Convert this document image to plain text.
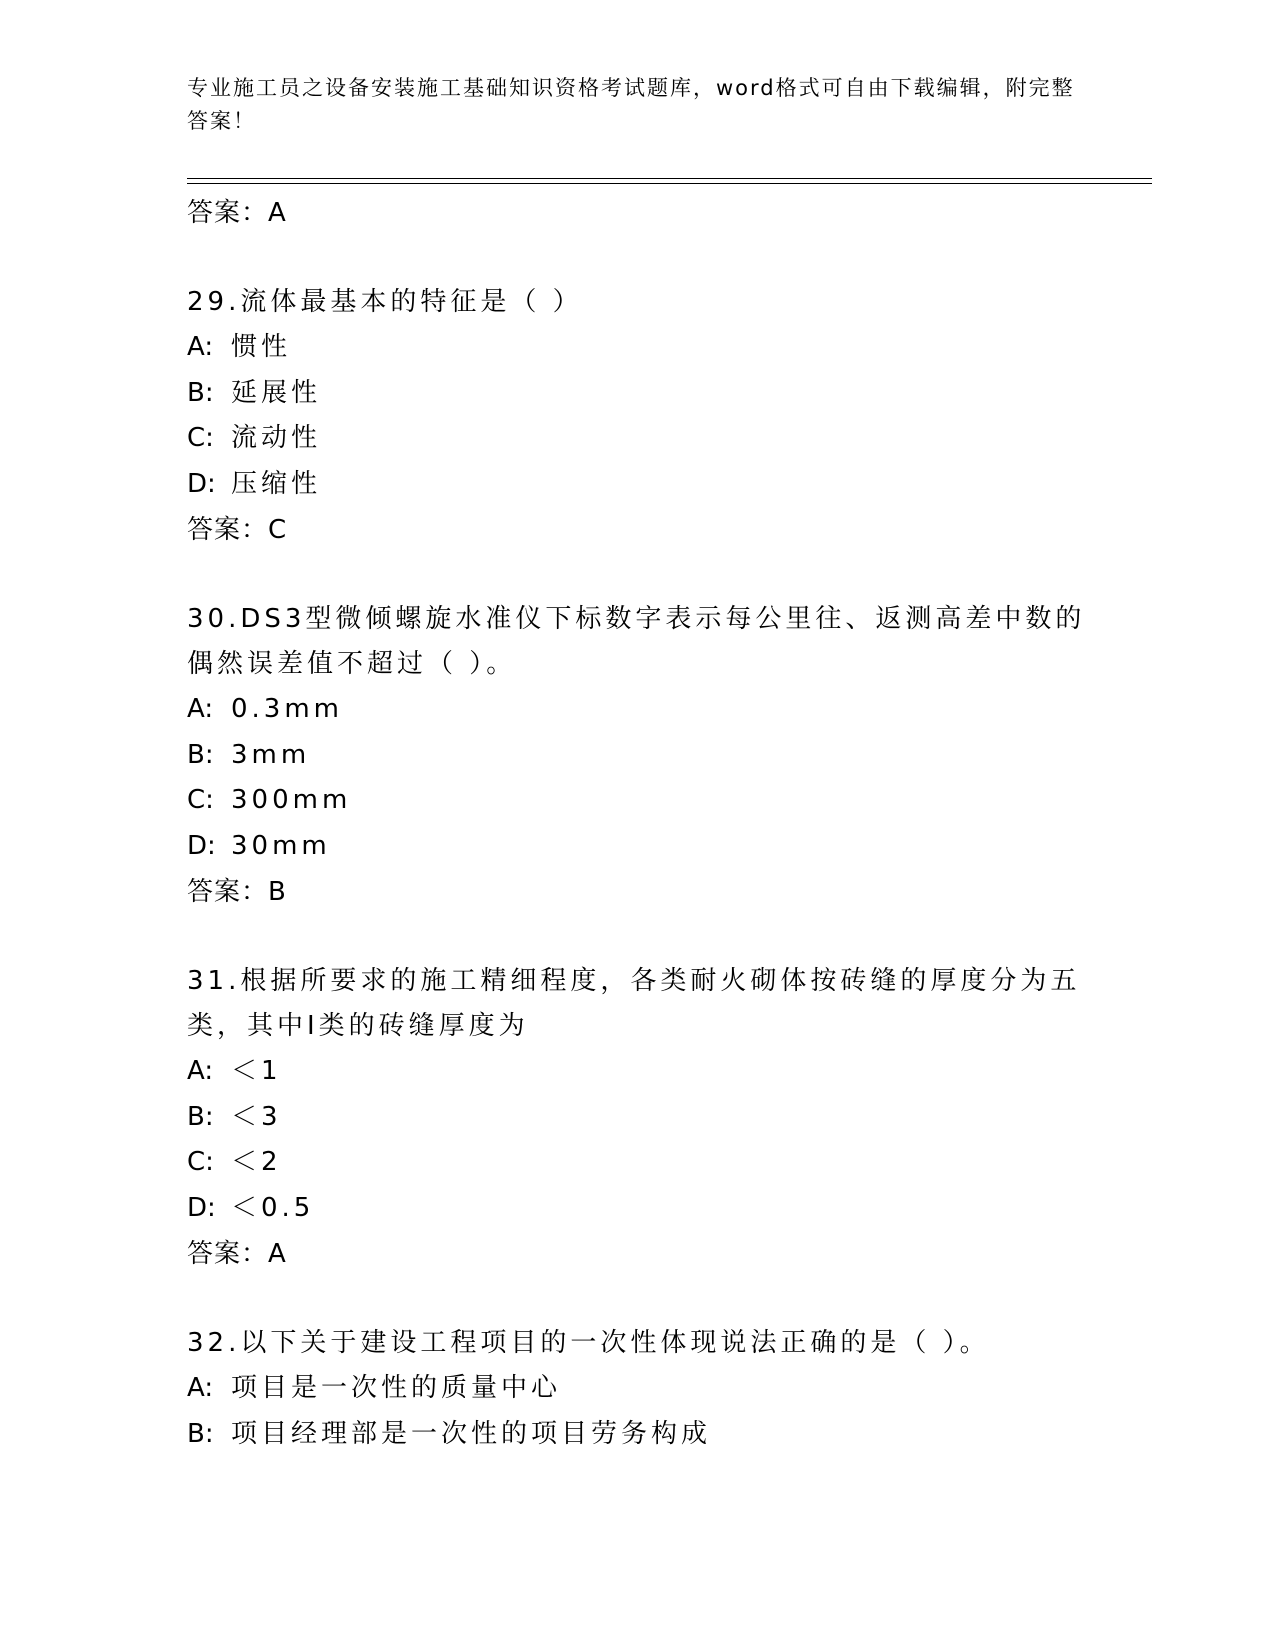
专业施工员之设备安装施工基础知识资格考试题库，word格式可自由下载编辑，附完整答案！
答案：A
29.流体最基本的特征是（ ）
A: 惯性
B: 延展性
C: 流动性
D: 压缩性
答案：C
30.DS3型微倾螺旋水准仪下标数字表示每公里往、返测高差中数的偶然误差值不超过（ ）。
A: 0.3mm
B: 3mm
C: 300mm
D: 30mm
答案：B
31.根据所要求的施工精细程度，各类耐火砌体按砖缝的厚度分为五类，其中I类的砖缝厚度为
A: ＜1
B: ＜3
C: ＜2
D: ＜0.5
答案：A
32.以下关于建设工程项目的一次性体现说法正确的是（ ）。
A: 项目是一次性的质量中心
B: 项目经理部是一次性的项目劳务构成
